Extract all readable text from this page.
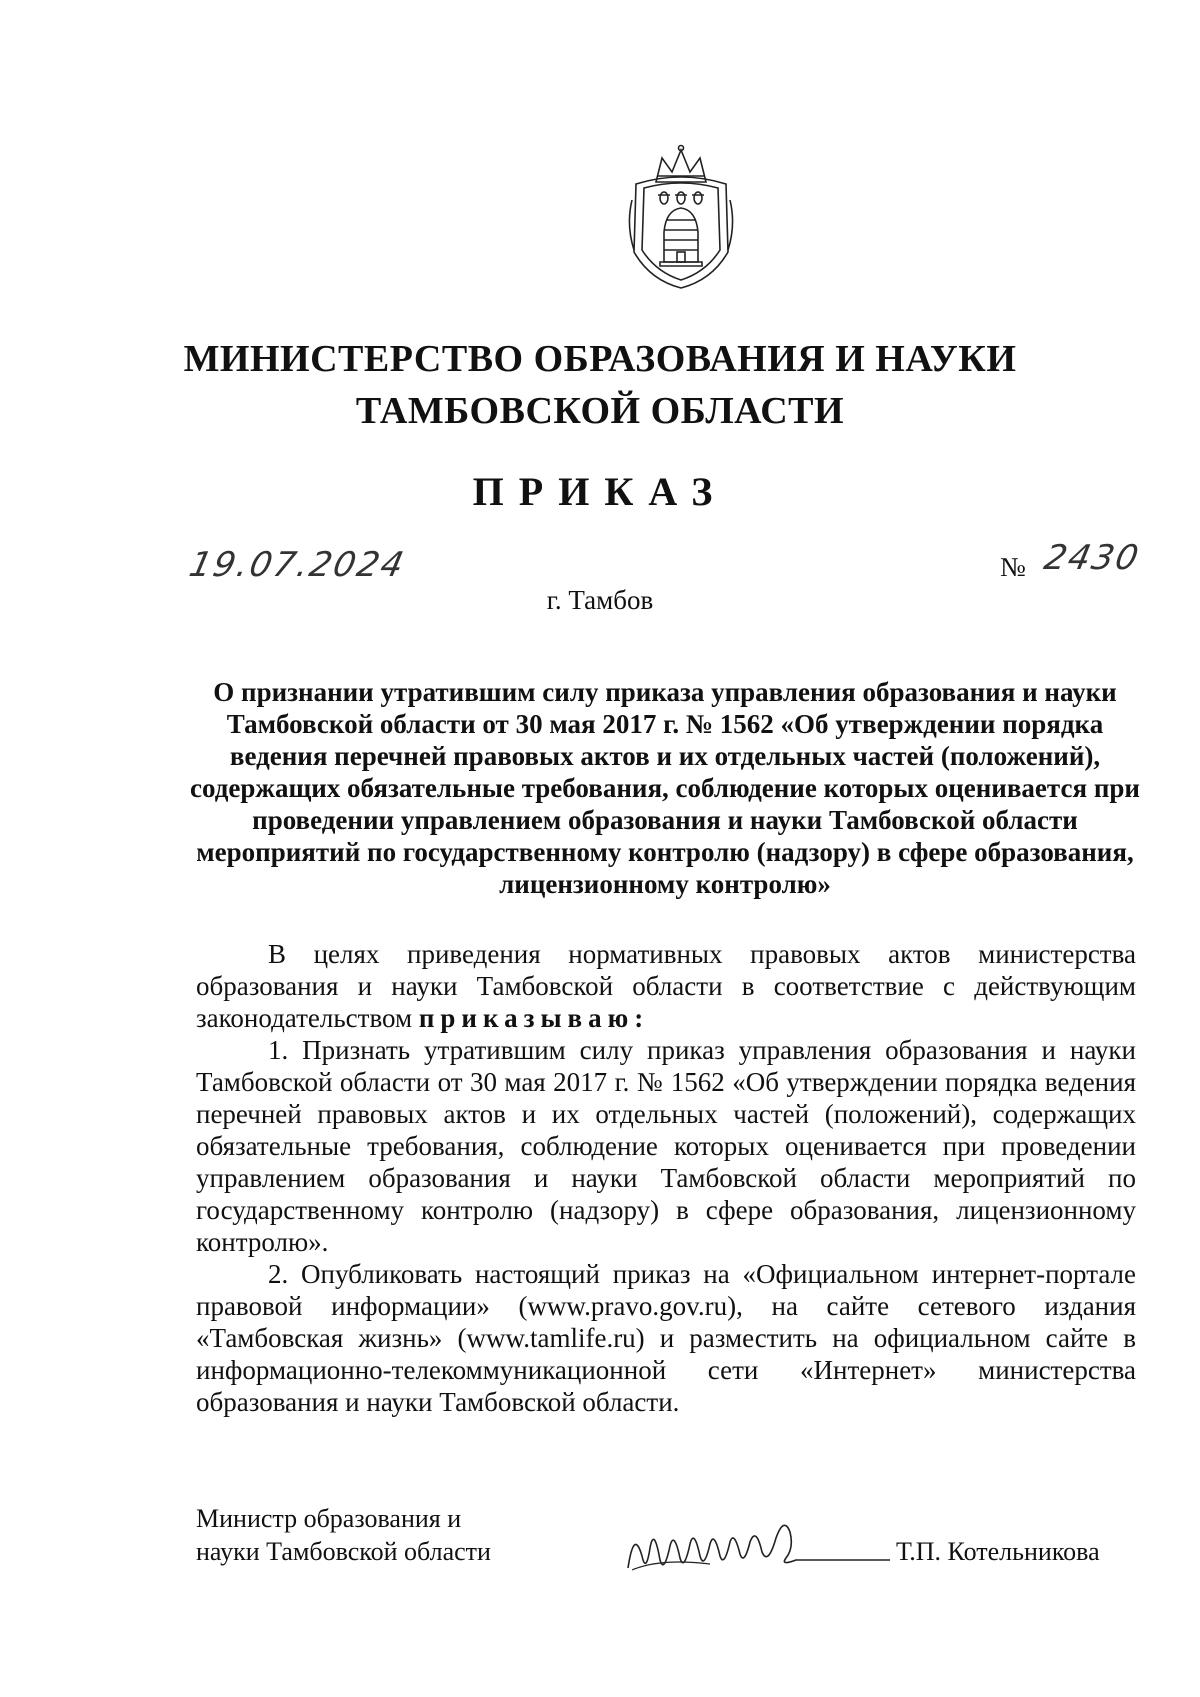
МИНИСТЕРСТВО ОБРАЗОВАНИЯ И НАУКИ
ТАМБОВСКОЙ ОБЛАСТИ
ПРИКАЗ
19.07.2024	№ 2430
г. Тамбов
О признании утратившим силу приказа управления образования и науки Тамбовской области от 30 мая 2017 г. № 1562 «Об утверждении порядка ведения перечней правовых актов и их отдельных частей (положений), содержащих обязательные требования, соблюдение которых оценивается при проведении управлением образования и науки Тамбовской области мероприятий по государственному контролю (надзору) в сфере образования, лицензионному контролю»

В целях приведения нормативных правовых актов министерства образования и науки Тамбовской области в соответствие с действующим законодательством приказываю:

1. Признать утратившим силу приказ управления образования и науки Тамбовской области от 30 мая 2017 г. № 1562 «Об утверждении порядка ведения перечней правовых актов и их отдельных частей (положений), содержащих обязательные требования, соблюдение которых оценивается при проведении управлением образования и науки Тамбовской области мероприятий по государственному контролю (надзору) в сфере образования, лицензионному контролю».

2. Опубликовать настоящий приказ на «Официальном интернет-портале правовой информации» (www.pravo.gov.ru), на сайте сетевого издания «Тамбовская жизнь» (www.tamlife.ru) и разместить на официальном сайте в информационно-телекоммуникационной сети «Интернет» министерства образования и науки Тамбовской области.

Министр образования и
науки Тамбовской области	Т.П. Котельникова
